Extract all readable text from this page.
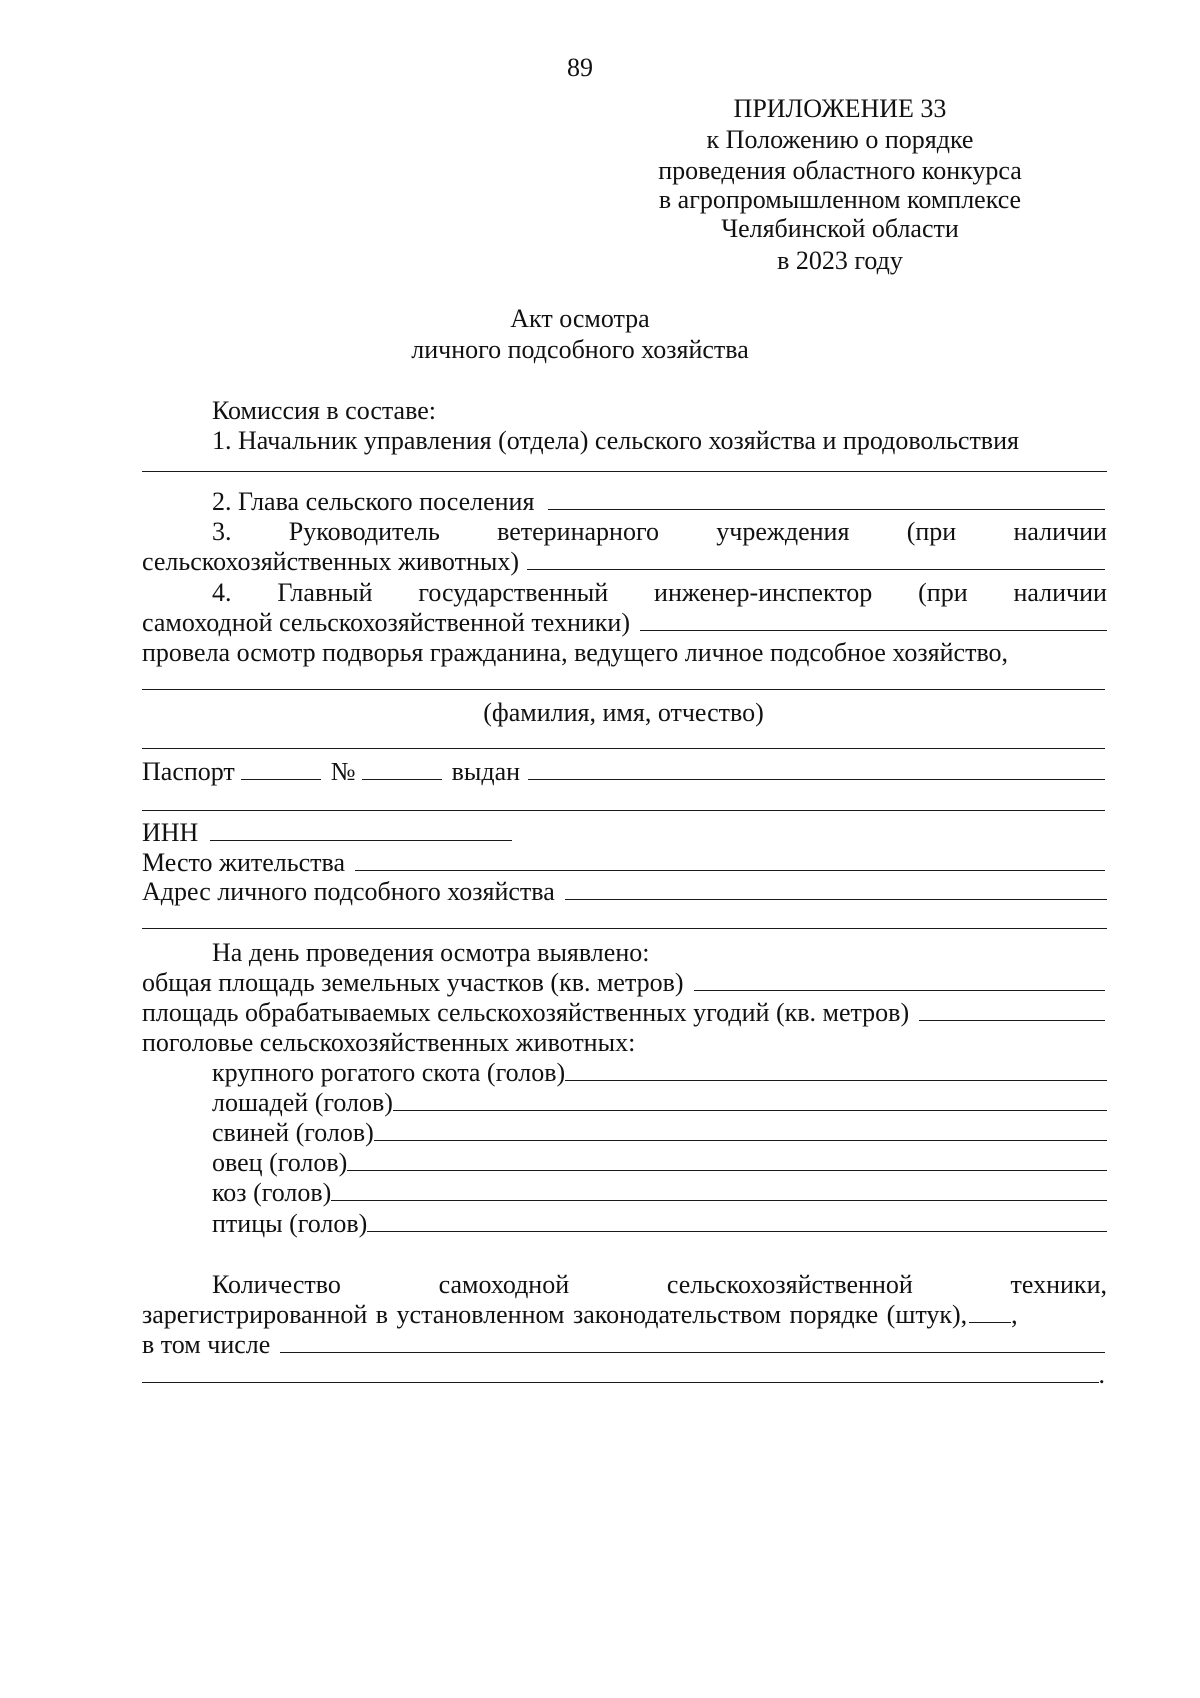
89
ПРИЛОЖЕНИЕ 33
к Положению о порядке
проведения областного конкурса
в агропромышленном комплексе
Челябинской области
в 2023 году
Акт осмотра
личного подсобного хозяйства
Комиссия в составе:
1. Начальник управления (отдела) сельского хозяйства и продовольствия
2. Глава сельского поселения
3. Руководитель ветеринарного учреждения (при наличии
сельскохозяйственных животных)
4. Главный государственный инженер-инспектор (при наличии
самоходной сельскохозяйственной техники)
провела осмотр подворья гражданина, ведущего личное подсобное хозяйство,
(фамилия, имя, отчество)
Паспорт	№	выдан
ИНН
Место жительства
Адрес личного подсобного хозяйства
На день проведения осмотра выявлено:
общая площадь земельных участков (кв. метров)
площадь обрабатываемых сельскохозяйственных угодий (кв. метров)
поголовье сельскохозяйственных животных:
крупного рогатого скота (голов)
лошадей (голов)
свиней (голов)
овец (голов)
коз (голов)
птицы (голов)
Количество	самоходной	сельскохозяйственной	техники,
зарегистрированной в установленном законодательством порядке (штук), ,
в том числе
.
